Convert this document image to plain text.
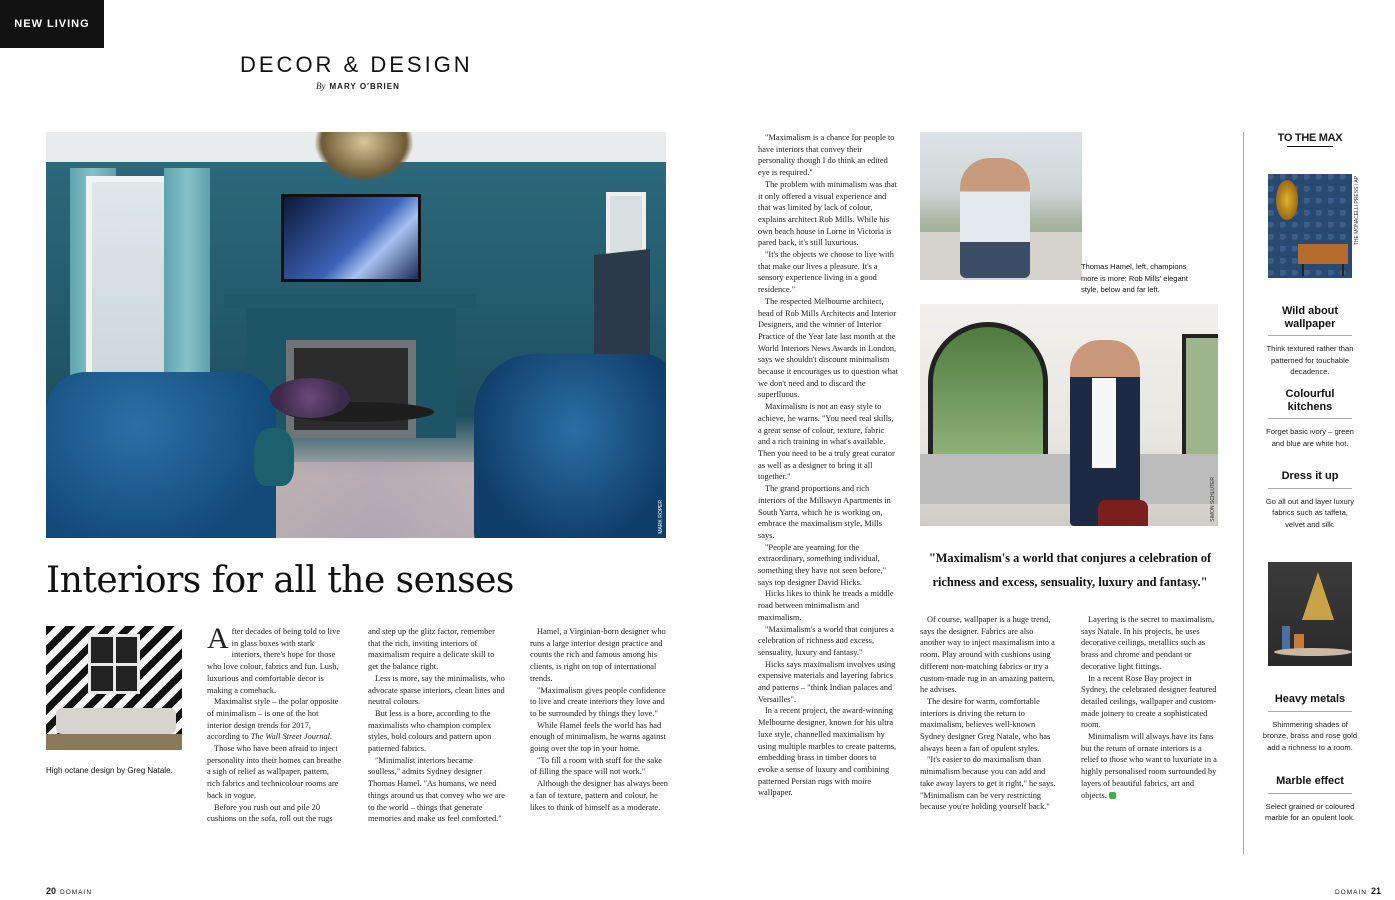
NEW LIVING
DECOR & DESIGN
By MARY O'BRIEN
MARK ROPER
Interiors for all the senses
High octane design by Greg Natale.

After decades of being told to live in glass boxes with stark interiors, there's hope for those who love colour, fabrics and fun. Lush, luxurious and comfortable decor is making a comeback.

Maximalist style – the polar opposite of minimalism – is one of the hot interior design trends for 2017, according to The Wall Street Journal.

Those who have been afraid to inject personality into their homes can breathe a sigh of relief as wallpaper, pattern, rich fabrics and technicolour rooms are back in vogue.

Before you rush out and pile 20 cushions on the sofa, roll out the rugs

and step up the glitz factor, remember that the rich, inviting interiors of maximalism require a delicate skill to get the balance right.

Less is more, say the minimalists, who advocate sparse interiors, clean lines and neutral colours.

But less is a bore, according to the maximalists who champion complex styles, bold colours and pattern upon patterned fabrics.

"Minimalist interiors became soulless," admits Sydney designer Thomas Hamel. "As humans, we need things around us that convey who we are to the world – things that generate memories and make us feel comforted."

Hamel, a Virginian-born designer who runs a large interior design practice and counts the rich and famous among his clients, is right on top of international trends.

"Maximalism gives people confidence to live and create interiors they love and to be surrounded by things they love."

While Hamel feels the world has had enough of minimalism, he warns against going over the top in your home.

"To fill a room with stuff for the sake of filling the space will not work."

Although the designer has always been a fan of texture, pattern and colour, he likes to think of himself as a moderate.

"Maximalism is a chance for people to have interiors that convey their personality though I do think an edited eye is required."

The problem with minimalism was that it only offered a visual experience and that was limited by lack of colour, explains architect Rob Mills. While his own beach house in Lorne in Victoria is pared back, it's still luxurious.

"It's the objects we choose to live with that make our lives a pleasure. It's a sensory experience living in a good residence."

The respected Melbourne architect, head of Rob Mills Architects and Interior Designers, and the winner of Interior Practice of the Year late last month at the World Interiors News Awards in London, says we shouldn't discount minimalism because it encourages us to question what we don't need and to discard the superfluous.

Maximalism is not an easy style to achieve, he warns. "You need real skills, a great sense of colour, texture, fabric and a rich training in what's available. Then you need to be a truly great curator as well as a designer to bring it all together."

The grand proportions and rich interiors of the Millswyn Apartments in South Yarra, which he is working on, embrace the maximalism style, Mills says.

"People are yearning for the extraordinary, something individual, something they have not seen before," says top designer David Hicks.

Hicks likes to think he treads a middle road between minimalism and maximalism.

"Maximalism's a world that conjures a celebration of richness and excess, sensuality, luxury and fantasy."

Hicks says maximalism involves using expensive materials and layering fabrics and patterns – "think Indian palaces and Versailles".

In a recent project, the award-winning Melbourne designer, known for his ultra luxe style, channelled maximalism by using multiple marbles to create patterns, embedding brass in timber doors to evoke a sense of luxury and combining patterned Persian rugs with moire wallpaper.

Thomas Hamel, left, champions more is more; Rob Mills' elegant style, below and far left.
SIMON SCHLUTER
"Maximalism's a world that conjures a celebration of richness and excess, sensuality, luxury and fantasy."

Of course, wallpaper is a huge trend, says the designer. Fabrics are also another way to inject maximalism into a room. Play around with cushions using different non-matching fabrics or try a custom-made rug in an amazing pattern, he advises.

The desire for warm, comfortable interiors is driving the return to maximalism, believes well-known Sydney designer Greg Natale, who has always been a fan of opulent styles.

"It's easier to do maximalism than minimalism because you can add and take away layers to get it right," he says. "Minimalism can be very restricting because you're holding yourself back."

Layering is the secret to maximalism, says Natale. In his projects, he uses decorative ceilings, metallics such as brass and chrome and pendant or decorative light fittings.

In a recent Rose Bay project in Sydney, the celebrated designer featured detailed ceilings, wallpaper and custom-made joinery to create a sophisticated room.

Minimalism will always have its fans but the return of ornate interiors is a relief to those who want to luxuriate in a highly personalised room surrounded by layers of beautiful fabrics, art and objects.

TO THE MAX
THE MONACELLI PRESS / AP
Wild about wallpaper
Think textured rather than patterned for touchable decadence.
Colourful kitchens
Forget basic ivory – green and blue are white hot.
Dress it up
Go all out and layer luxury fabrics such as taffeta, velvet and silk.
Heavy metals
Shimmering shades of bronze, brass and rose gold add a richness to a room.
Marble effect
Select grained or coloured marble for an opulent look.
20 DOMAIN	DOMAIN 21
